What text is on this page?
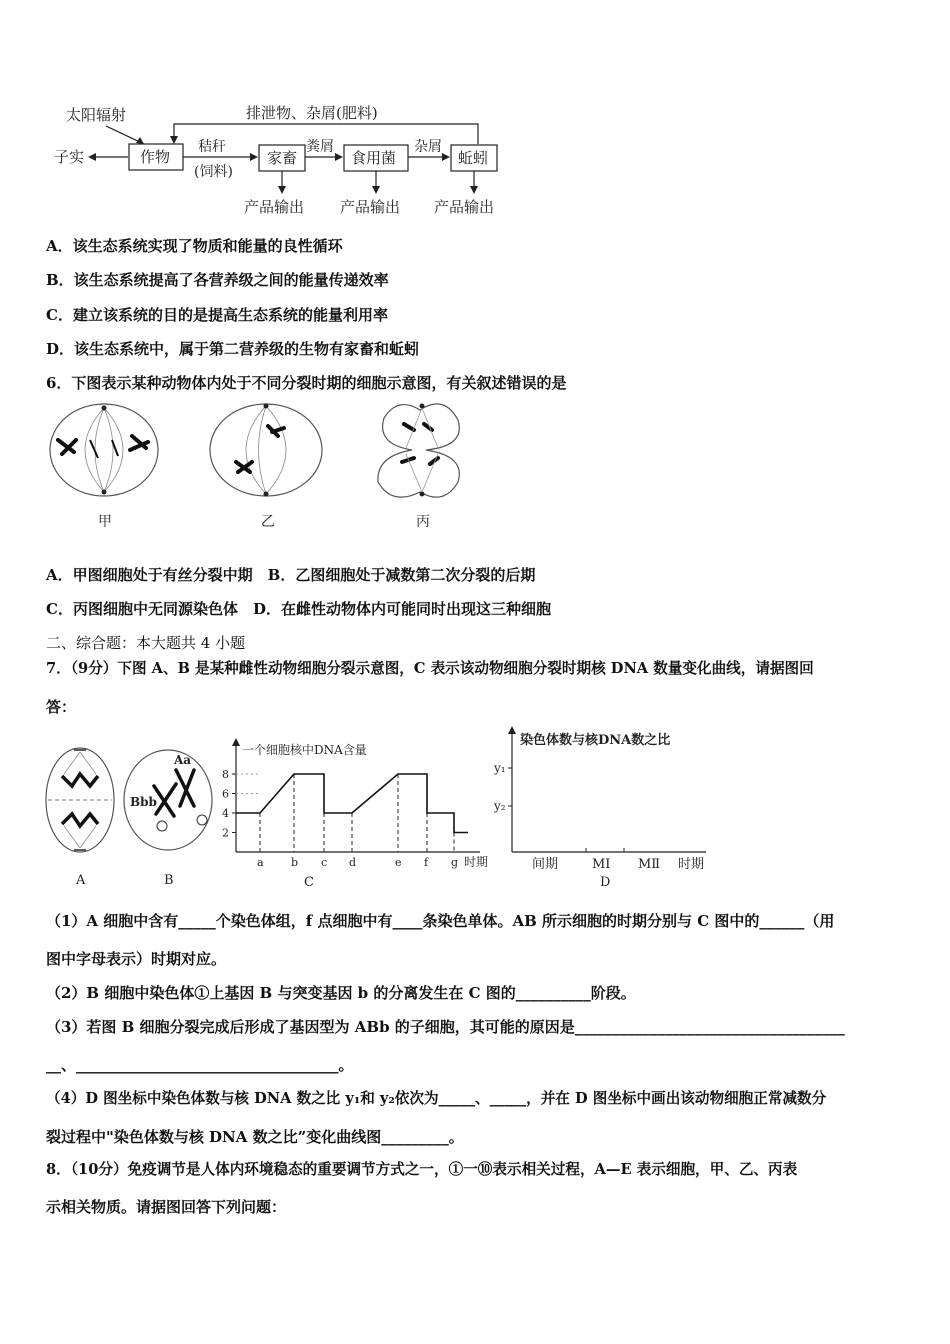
太阳辐射	排泄物、杂屑(肥料)
子实	作物
秸秆
(饲料)
家畜
粪屑
食用菌
杂屑
蚯蚓
产品输出 产品输出 产品输出
A．该生态系统实现了物质和能量的良性循环
B．该生态系统提高了各营养级之间的能量传递效率
C．建立该系统的目的是提高生态系统的能量利用率
D．该生态系统中，属于第二营养级的生物有家畜和蚯蚓
6．下图表示某种动物体内处于不同分裂时期的细胞示意图，有关叙述错误的是
甲	乙	丙
A．甲图细胞处于有丝分裂中期　B．乙图细胞处于减数第二次分裂的后期
C．丙图细胞中无同源染色体　D．在雌性动物体内可能同时出现这三种细胞
二、综合题：本大题共 4 小题
7．（9分）下图 A、B 是某种雌性动物细胞分裂示意图，C 表示该动物细胞分裂时期核 DNA 数量变化曲线，请据图回
答：
A
Bbb
Aa
B
一个细胞核中DNA含量
时期
2
4
6
8
a b c d	e f g
C
染色体数与核DNA数之比
y₁
y₂
间期	MⅠ MⅡ 时期
D
（1）A 细胞中含有_____个染色体组，f 点细胞中有____条染色单体。AB 所示细胞的时期分别与 C 图中的______（用
图中字母表示）时期对应。
（2）B 细胞中染色体①上基因 B 与突变基因 b 的分离发生在 C 图的__________阶段。
（3）若图 B 细胞分裂完成后形成了基因型为 ABb 的子细胞，其可能的原因是____________________________________
__、___________________________________。
（4）D 图坐标中染色体数与核 DNA 数之比 y₁和 y₂依次为_____、_____，并在 D 图坐标中画出该动物细胞正常减数分
裂过程中"染色体数与核 DNA 数之比”变化曲线图_________。
8．（10分）免疫调节是人体内环境稳态的重要调节方式之一，①一⑩表示相关过程，A—E 表示细胞，甲、乙、丙表
示相关物质。请据图回答下列问题：
